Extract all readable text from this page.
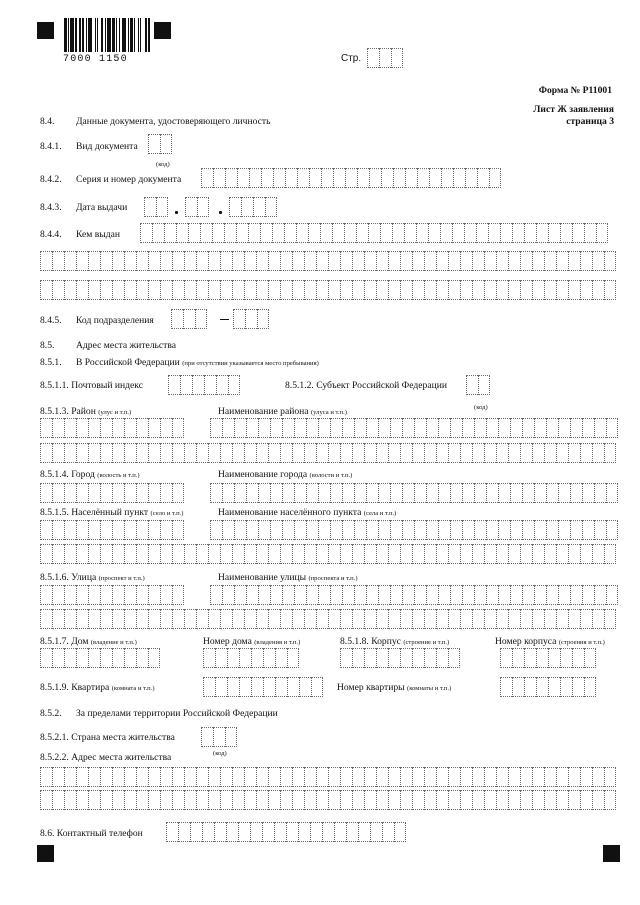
7000 1150	Стр.
Форма № Р11001
Лист Ж заявления
страница 3
8.4. Данные документа, удостоверяющего личность
8.4.1. Вид документа
(код)
8.4.2. Серия и номер документа
8.4.3. Дата выдачи
8.4.4. Кем выдан
8.4.5. Код подразделения
8.5. Адрес места жительства
8.5.1. В Российской Федерации (при отсутствии указывается место пребывания)
8.5.1.1. Почтовый индекс	8.5.1.2. Субъект Российской Федерации
(код)
8.5.1.3. Район (улус и т.п.)	Наименование района (улуса и т.п.)
8.5.1.4. Город (волость и т.п.)	Наименование города (волости и т.п.)
8.5.1.5. Населённый пункт (село и т.п.)	Наименование населённого пункта (села и т.п.)
8.5.1.6. Улица (проспект и т.п.)	Наименование улицы (проспекта и т.п.)
8.5.1.7. Дом (владение и т.п.)	Номер дома (владения и т.п.)	8.5.1.8. Корпус (строение и т.п.)	Номер корпуса (строения и т.п.)
8.5.1.9. Квартира (комната и т.п.)	Номер квартиры (комнаты и т.п.)
8.5.2. За пределами территории Российской Федерации
8.5.2.1. Страна места жительства
(код)
8.5.2.2. Адрес места жительства
8.6. Контактный телефон
